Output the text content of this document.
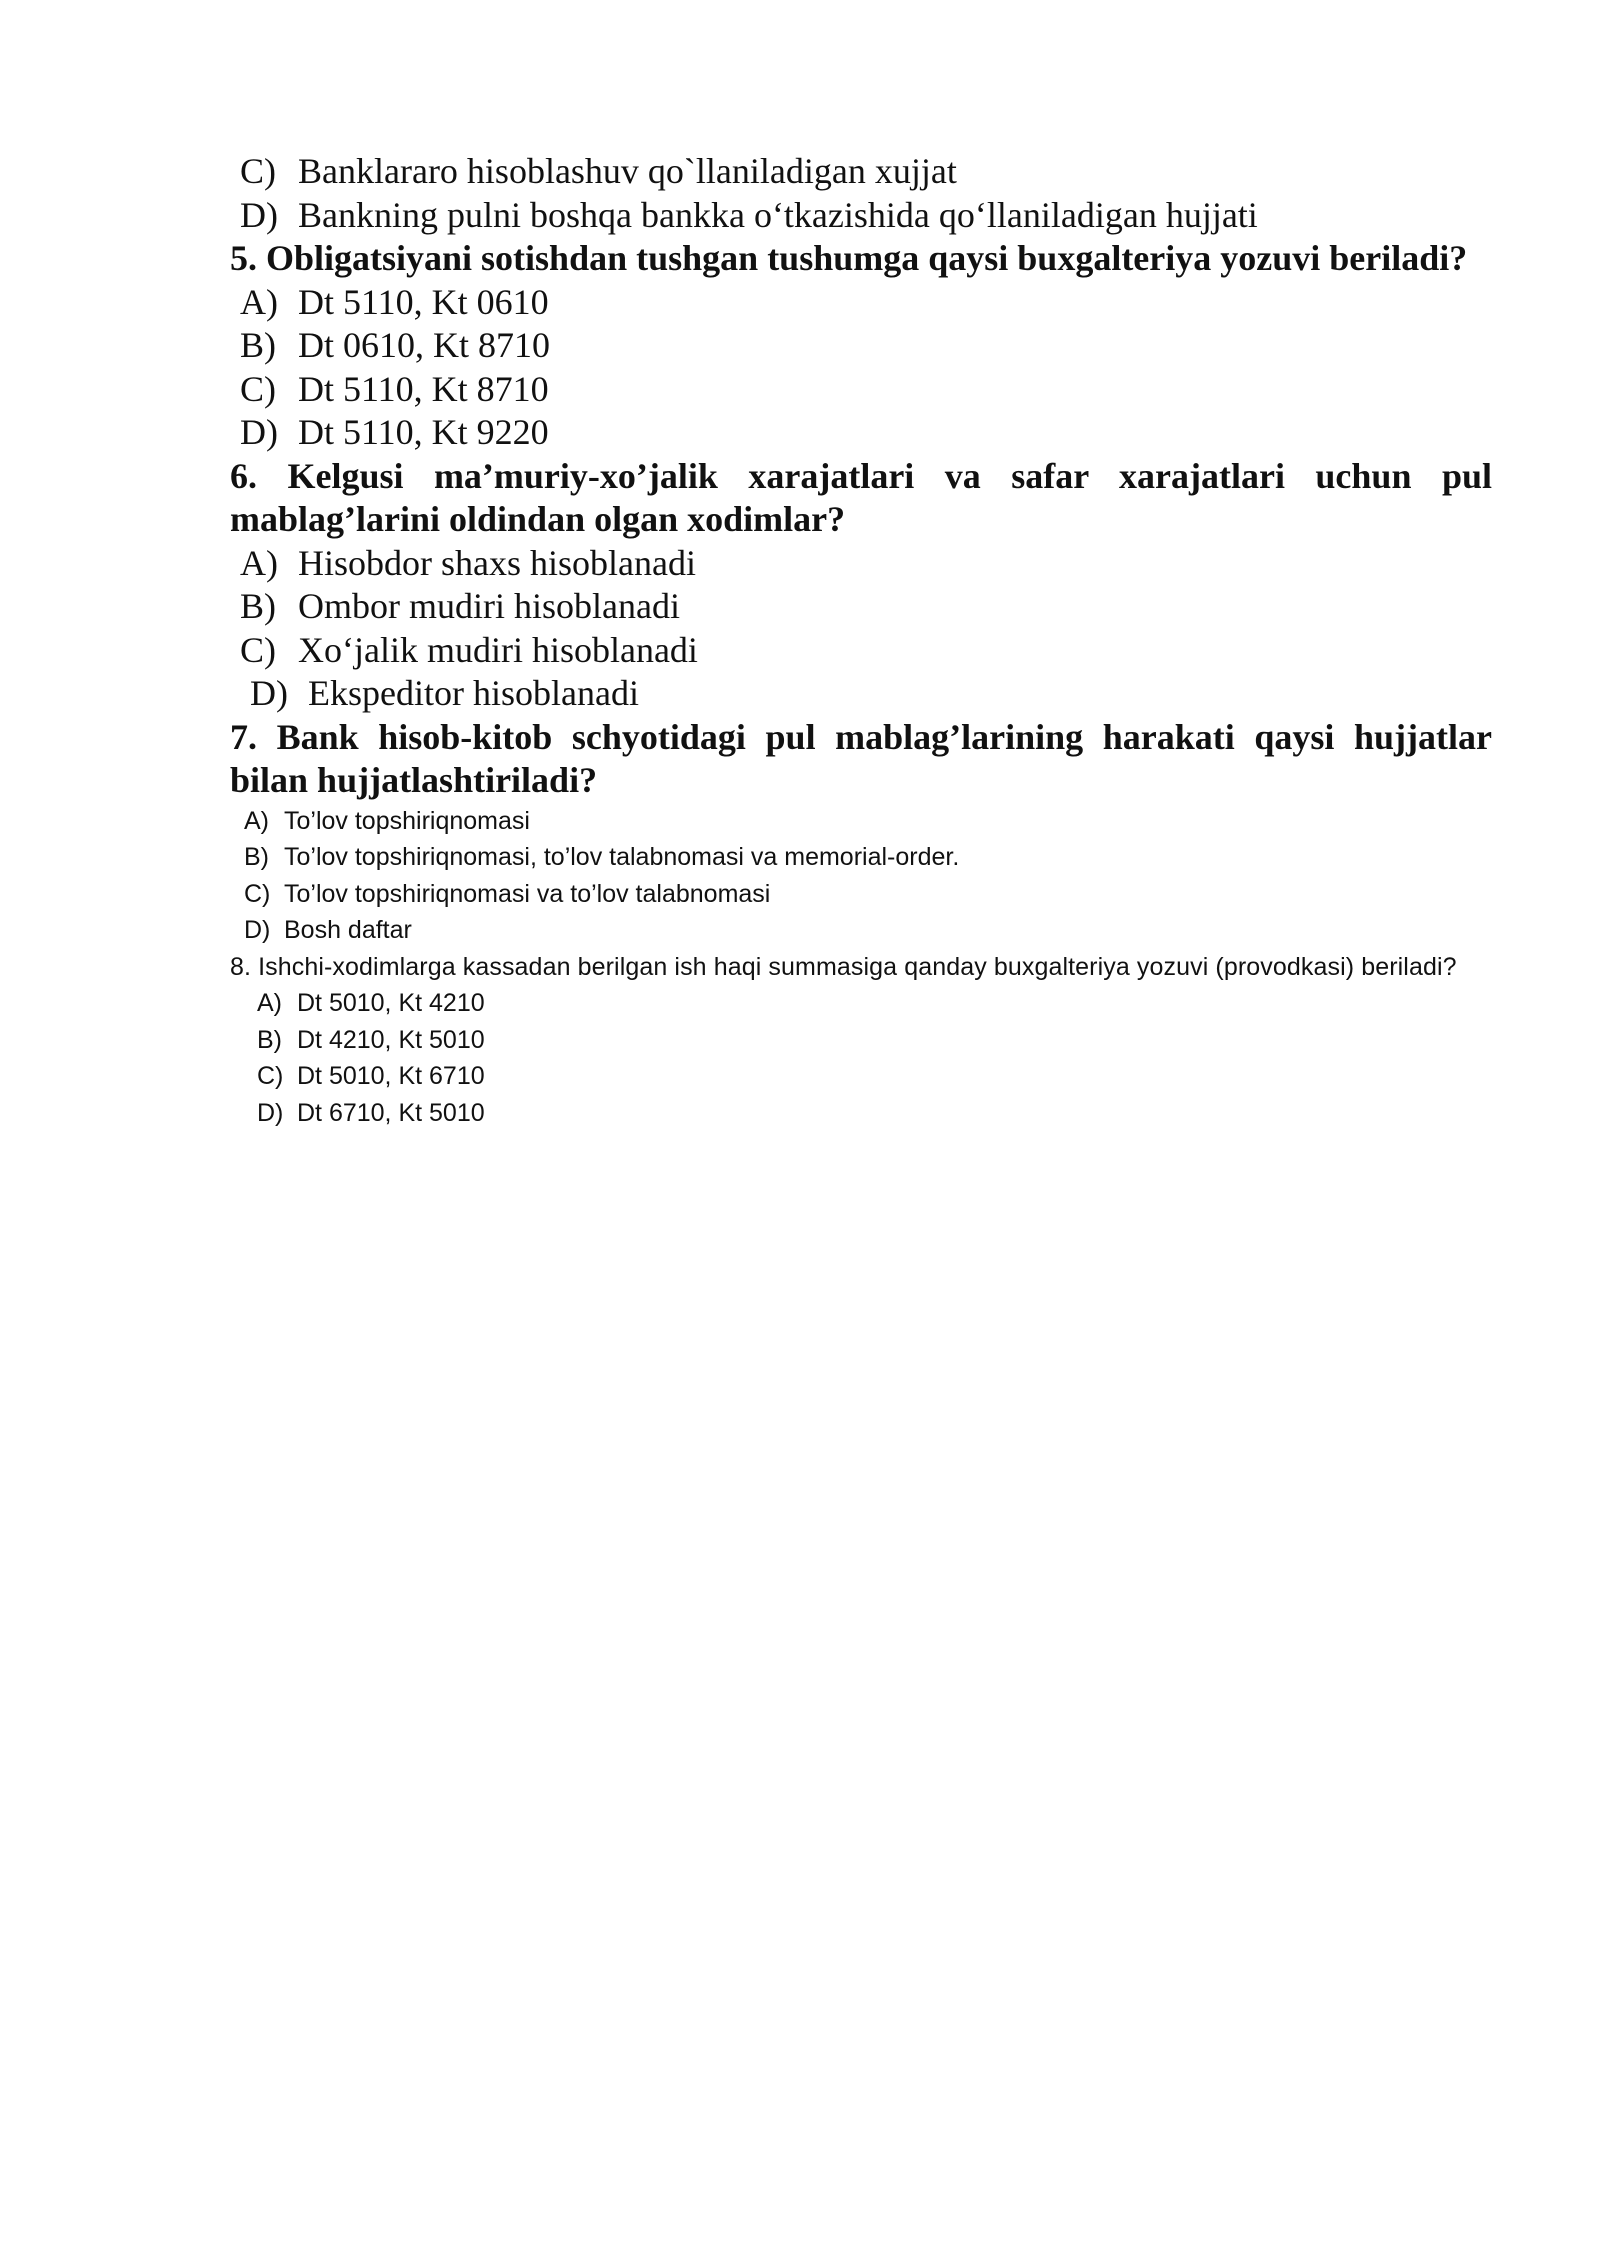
C) Banklararo hisoblashuv qo`llaniladigan xujjat
D) Bankning pulni boshqa bankka o‘tkazishida qo‘llaniladigan hujjati
5. Obligatsiyani sotishdan tushgan tushumga qaysi buxgalteriya yozuvi beriladi?
A) Dt 5110, Kt 0610
B) Dt 0610, Kt 8710
C) Dt 5110, Kt 8710
D) Dt 5110, Kt 9220
6. Kelgusi ma’muriy-xo’jalik xarajatlari va safar xarajatlari uchun pul mablag’larini oldindan olgan xodimlar?
A) Hisobdor shaxs hisoblanadi
B) Ombor mudiri hisoblanadi
C) Xo‘jalik mudiri hisoblanadi
D) Ekspeditor hisoblanadi
7. Bank hisob-kitob schyotidagi pul mablag’larining harakati qaysi hujjatlar bilan hujjatlashtiriladi?
A) To’lov topshiriqnomasi
B) To’lov topshiriqnomasi, to’lov talabnomasi va memorial-order.
C) To’lov topshiriqnomasi va to’lov talabnomasi
D) Bosh daftar
8. Ishchi-xodimlarga kassadan berilgan ish haqi summasiga qanday buxgalteriya yozuvi (provodkasi) beriladi?
A) Dt 5010, Kt 4210
B) Dt 4210, Kt 5010
C) Dt 5010, Kt 6710
D) Dt 6710, Kt 5010
